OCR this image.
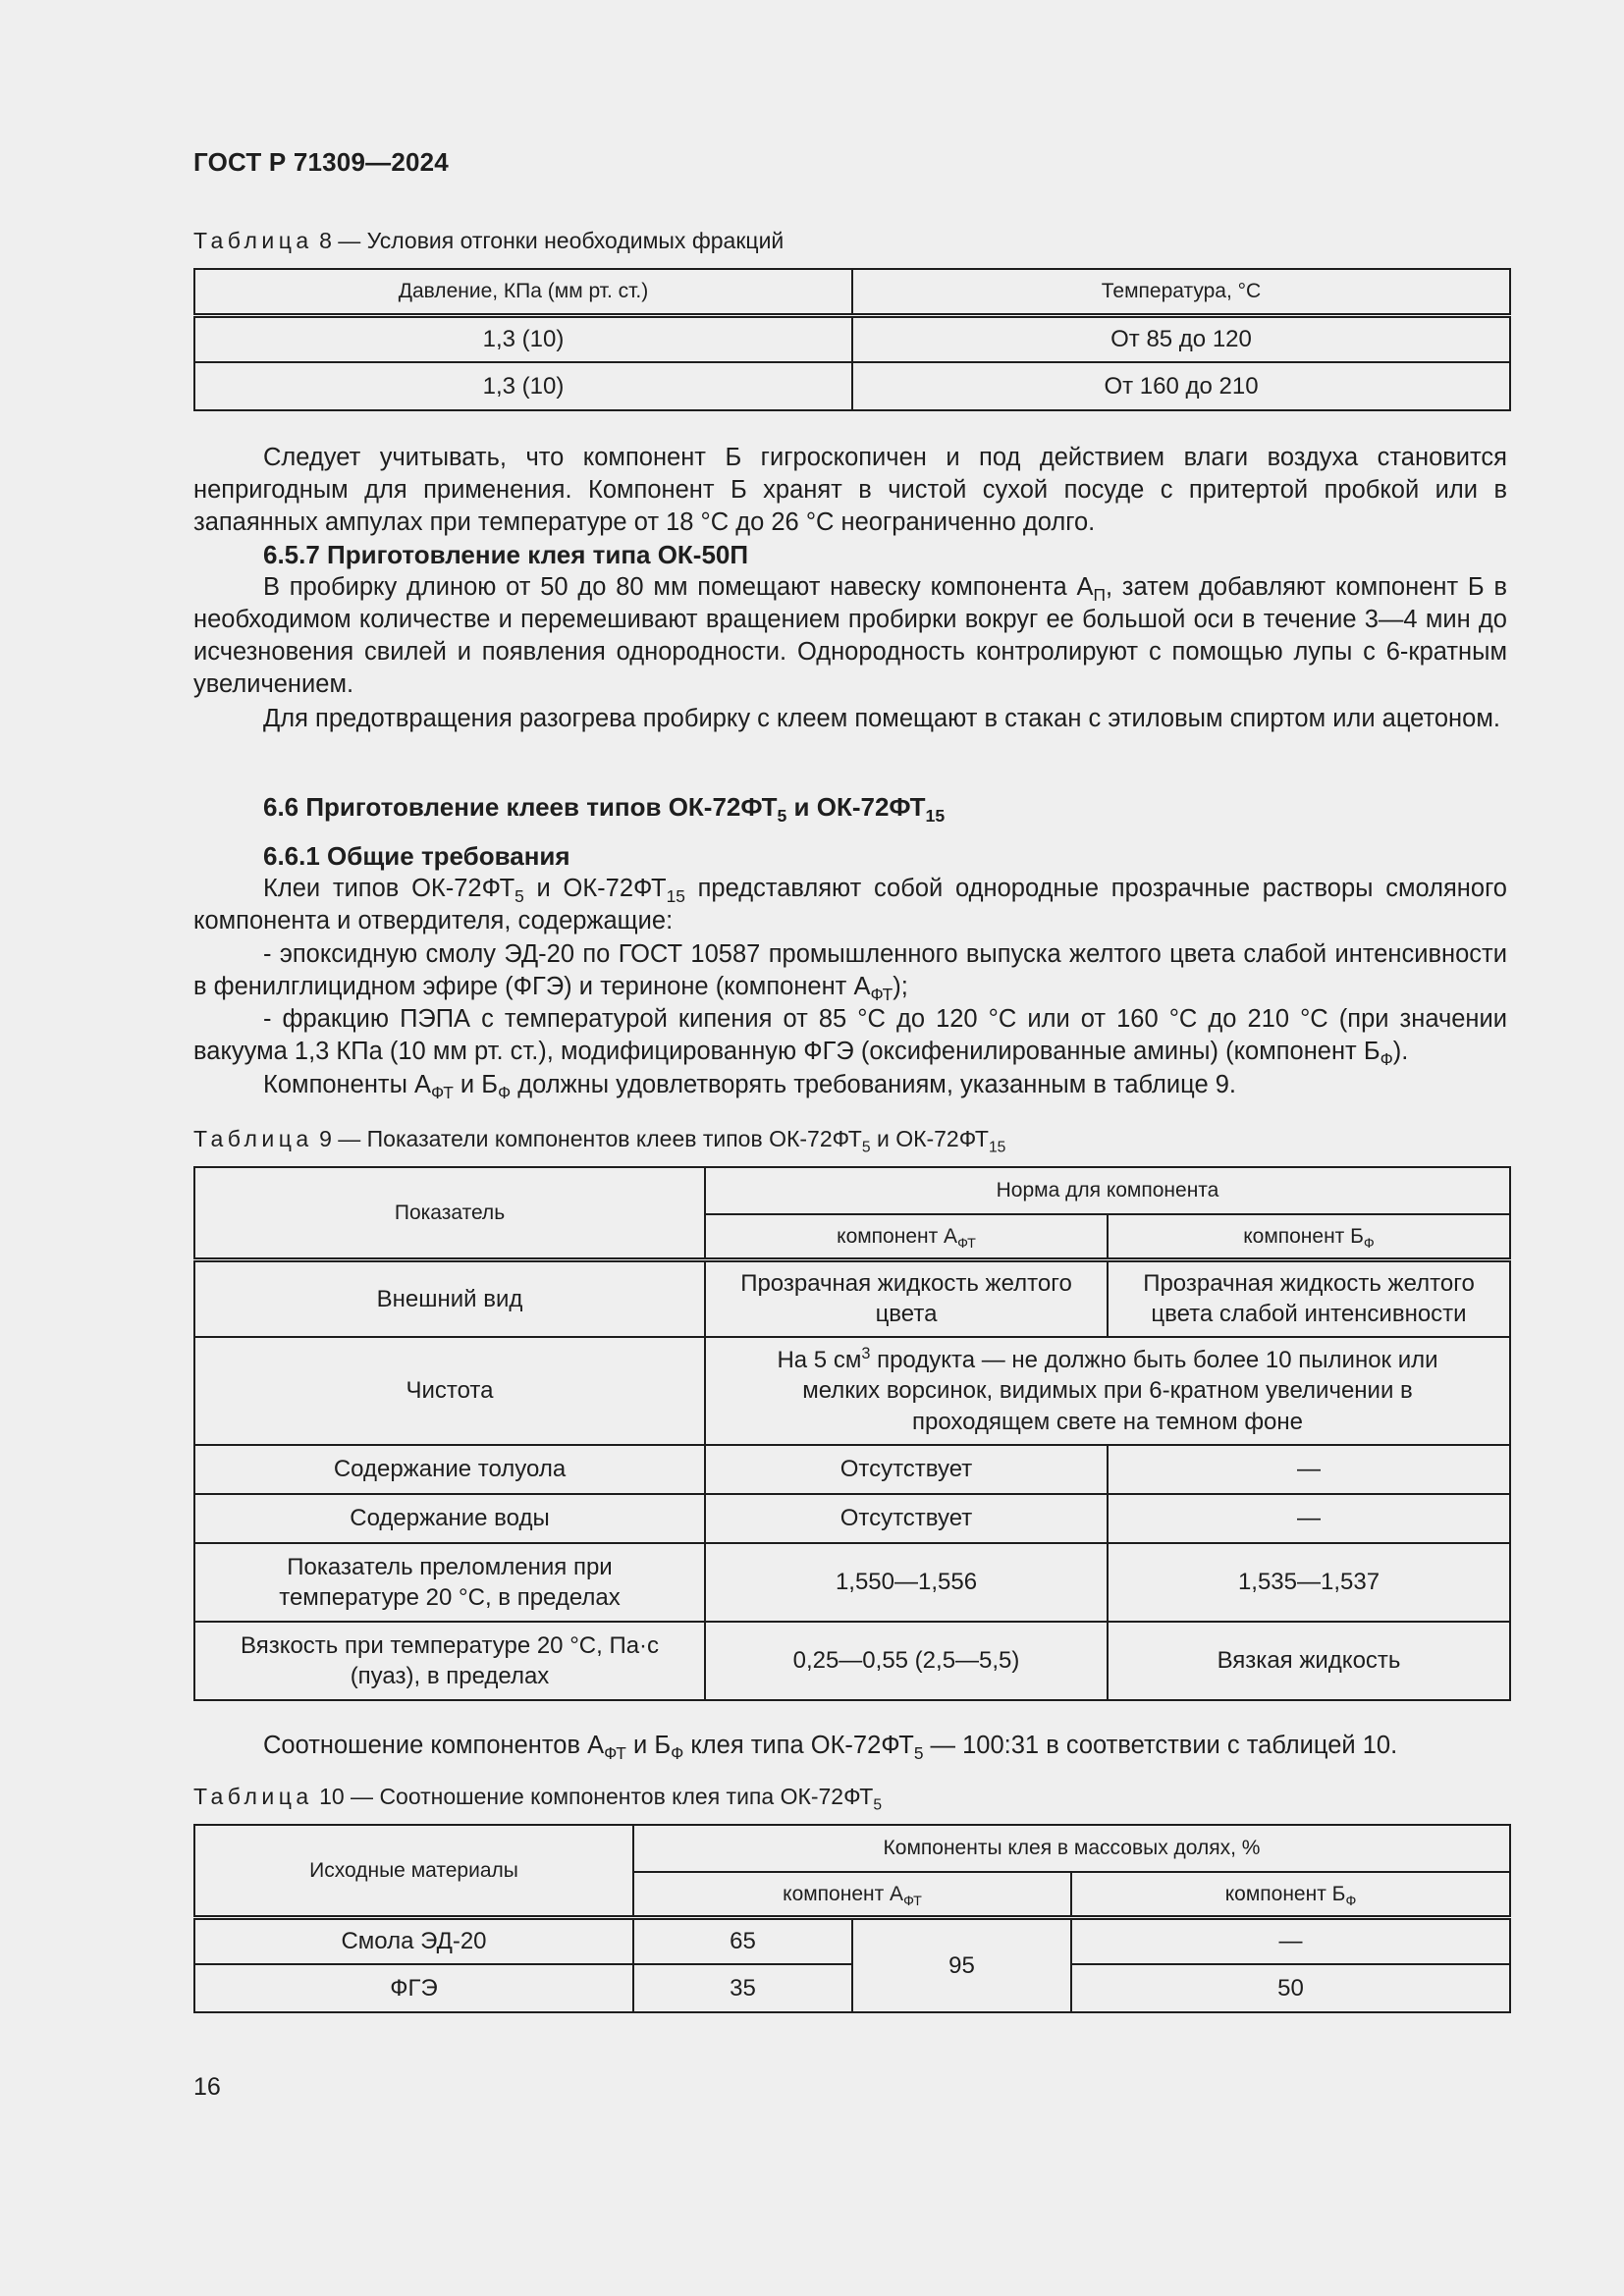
ГОСТ Р 71309—2024
Таблица 8 — Условия отгонки необходимых фракций
Давление, КПа (мм рт. ст.)	Температура, °С
1,3 (10)	От 85 до 120
1,3 (10)	От 160 до 210
Следует учитывать, что компонент Б гигроскопичен и под действием влаги воздуха становится непригодным для применения. Компонент Б хранят в чистой сухой посуде с притертой пробкой или в запаянных ампулах при температуре от 18 °С до 26 °С неограниченно долго.
6.5.7 Приготовление клея типа ОК-50П
В пробирку длиною от 50 до 80 мм помещают навеску компонента $А_П$, затем добавляют компонент Б в необходимом количестве и перемешивают вращением пробирки вокруг ее большой оси в течение 3—4 мин до исчезновения свилей и появления однородности. Однородность контролируют с помощью лупы с 6-кратным увеличением.
Для предотвращения разогрева пробирку с клеем помещают в стакан с этиловым спиртом или ацетоном.
6.6 Приготовление клеев типов $ОК-72ФТ_5$ и $ОК-72ФТ_{15}$
6.6.1 Общие требования
Клеи типов $ОК-72ФТ_5$ и $ОК-72ФТ_{15}$ представляют собой однородные прозрачные растворы смоляного компонента и отвердителя, содержащие:
- эпоксидную смолу ЭД-20 по ГОСТ 10587 промышленного выпуска желтого цвета слабой интенсивности в фенилглицидном эфире (ФГЭ) и териноне (компонент $А_{ФТ}$);
- фракцию ПЭПА с температурой кипения от 85 °С до 120 °С или от 160 °С до 210 °С (при значении вакуума 1,3 КПа (10 мм рт. ст.), модифицированную ФГЭ (оксифенилированные амины) (компонент $Б_Ф$).
Компоненты $А_{ФТ}$ и $Б_Ф$ должны удовлетворять требованиям, указанным в таблице 9.
Таблица 9 — Показатели компонентов клеев типов $ОК-72ФТ_5$ и $ОК-72ФТ_{15}$
Показатель	Норма для компонента	
	компонент $А_{ФТ}$	компонент $Б_Ф$
Внешний вид	Прозрачная жидкость желтого цвета	Прозрачная жидкость желтого цвета слабой интенсивности
Чистота	На 5 $см^3$ продукта — не должно быть более 10 пылинок или мелких ворсинок, видимых при 6-кратном увеличении в проходящем свете на темном фоне	
Содержание толуола	Отсутствует	—
Содержание воды	Отсутствует	—
Показатель преломления при температуре 20 °С, в пределах	1,550—1,556	1,535—1,537
Вязкость при температуре 20 °С, Па·с (пуаз), в пределах	0,25—0,55 (2,5—5,5)	Вязкая жидкость
Соотношение компонентов $А_{ФТ}$ и $Б_Ф$ клея типа $ОК-72ФТ_5$ — 100:31 в соответствии с таблицей 10.
Таблица 10 — Соотношение компонентов клея типа $ОК-72ФТ_5$
Исходные материалы	Компоненты клея в массовых долях, %		
	компонент $А_{ФТ}$		компонент $Б_Ф$
Смола ЭД-20	65	95	—
ФГЭ	35		50
16
